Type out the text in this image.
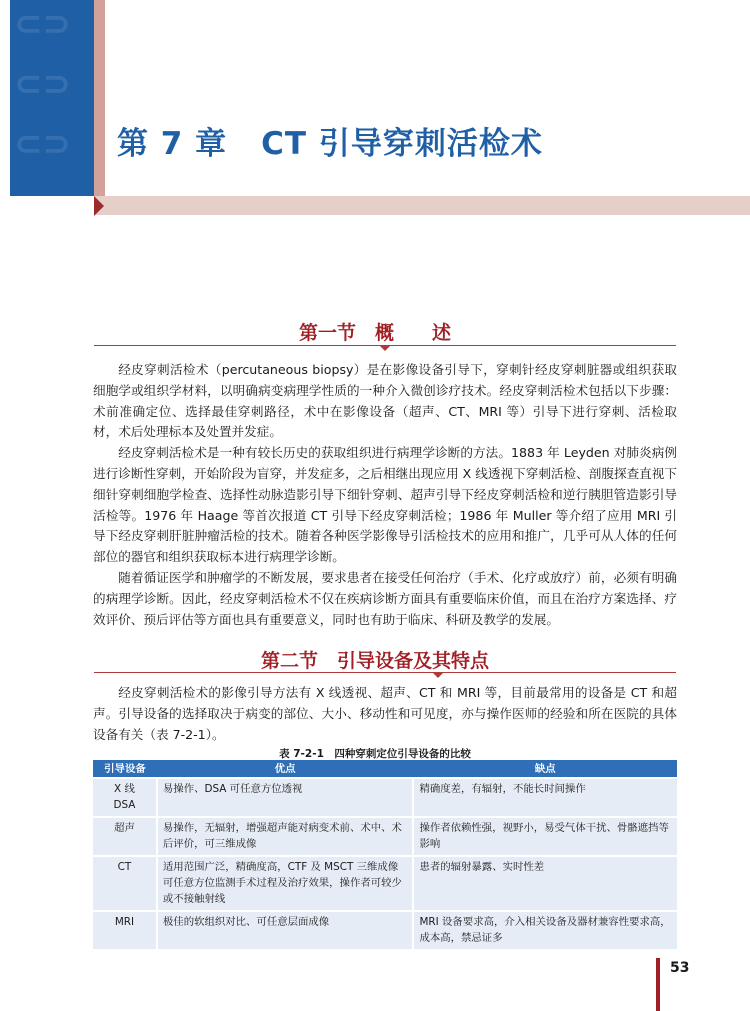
⊂⊃
⊂⊃
⊂⊃ 第 7 章 CT 引导穿刺活检术
第一节　概　　述

经皮穿刺活检术（percutaneous biopsy）是在影像设备引导下，穿刺针经皮穿刺脏器或组织获取细胞学或组织学材料，以明确病变病理学性质的一种介入微创诊疗技术。经皮穿刺活检术包括以下步骤：术前准确定位、选择最佳穿刺路径，术中在影像设备（超声、CT、MRI 等）引导下进行穿刺、活检取材，术后处理标本及处置并发症。

经皮穿刺活检术是一种有较长历史的获取组织进行病理学诊断的方法。1883 年 Leyden 对肺炎病例进行诊断性穿刺，开始阶段为盲穿，并发症多，之后相继出现应用 X 线透视下穿刺活检、剖腹探查直视下细针穿刺细胞学检查、选择性动脉造影引导下细针穿刺、超声引导下经皮穿刺活检和逆行胰胆管造影引导活检等。1976 年 Haage 等首次报道 CT 引导下经皮穿刺活检；1986 年 Muller 等介绍了应用 MRI 引导下经皮穿刺肝脏肿瘤活检的技术。随着各种医学影像导引活检技术的应用和推广，几乎可从人体的任何部位的器官和组织获取标本进行病理学诊断。

随着循证医学和肿瘤学的不断发展，要求患者在接受任何治疗（手术、化疗或放疗）前，必须有明确的病理学诊断。因此，经皮穿刺活检术不仅在疾病诊断方面具有重要临床价值，而且在治疗方案选择、疗效评价、预后评估等方面也具有重要意义，同时也有助于临床、科研及教学的发展。

第二节　引导设备及其特点

经皮穿刺活检术的影像引导方法有 X 线透视、超声、CT 和 MRI 等，目前最常用的设备是 CT 和超声。引导设备的选择取决于病变的部位、大小、移动性和可见度，亦与操作医师的经验和所在医院的具体设备有关（表 7-2-1）。

表 7-2-1　四种穿刺定位引导设备的比较
引导设备	优点	缺点
X 线
DSA	易操作、DSA 可任意方位透视	精确度差，有辐射，不能长时间操作
超声	易操作，无辐射，增强超声能对病变术前、术中、术后评价，可三维成像	操作者依赖性强，视野小，易受气体干扰、骨骼遮挡等影响
CT	适用范围广泛，精确度高，CTF 及 MSCT 三维成像可任意方位监测手术过程及治疗效果，操作者可较少或不接触射线	患者的辐射暴露、实时性差
MRI	极佳的软组织对比、可任意层面成像	MRI 设备要求高，介入相关设备及器材兼容性要求高，成本高，禁忌证多
53
